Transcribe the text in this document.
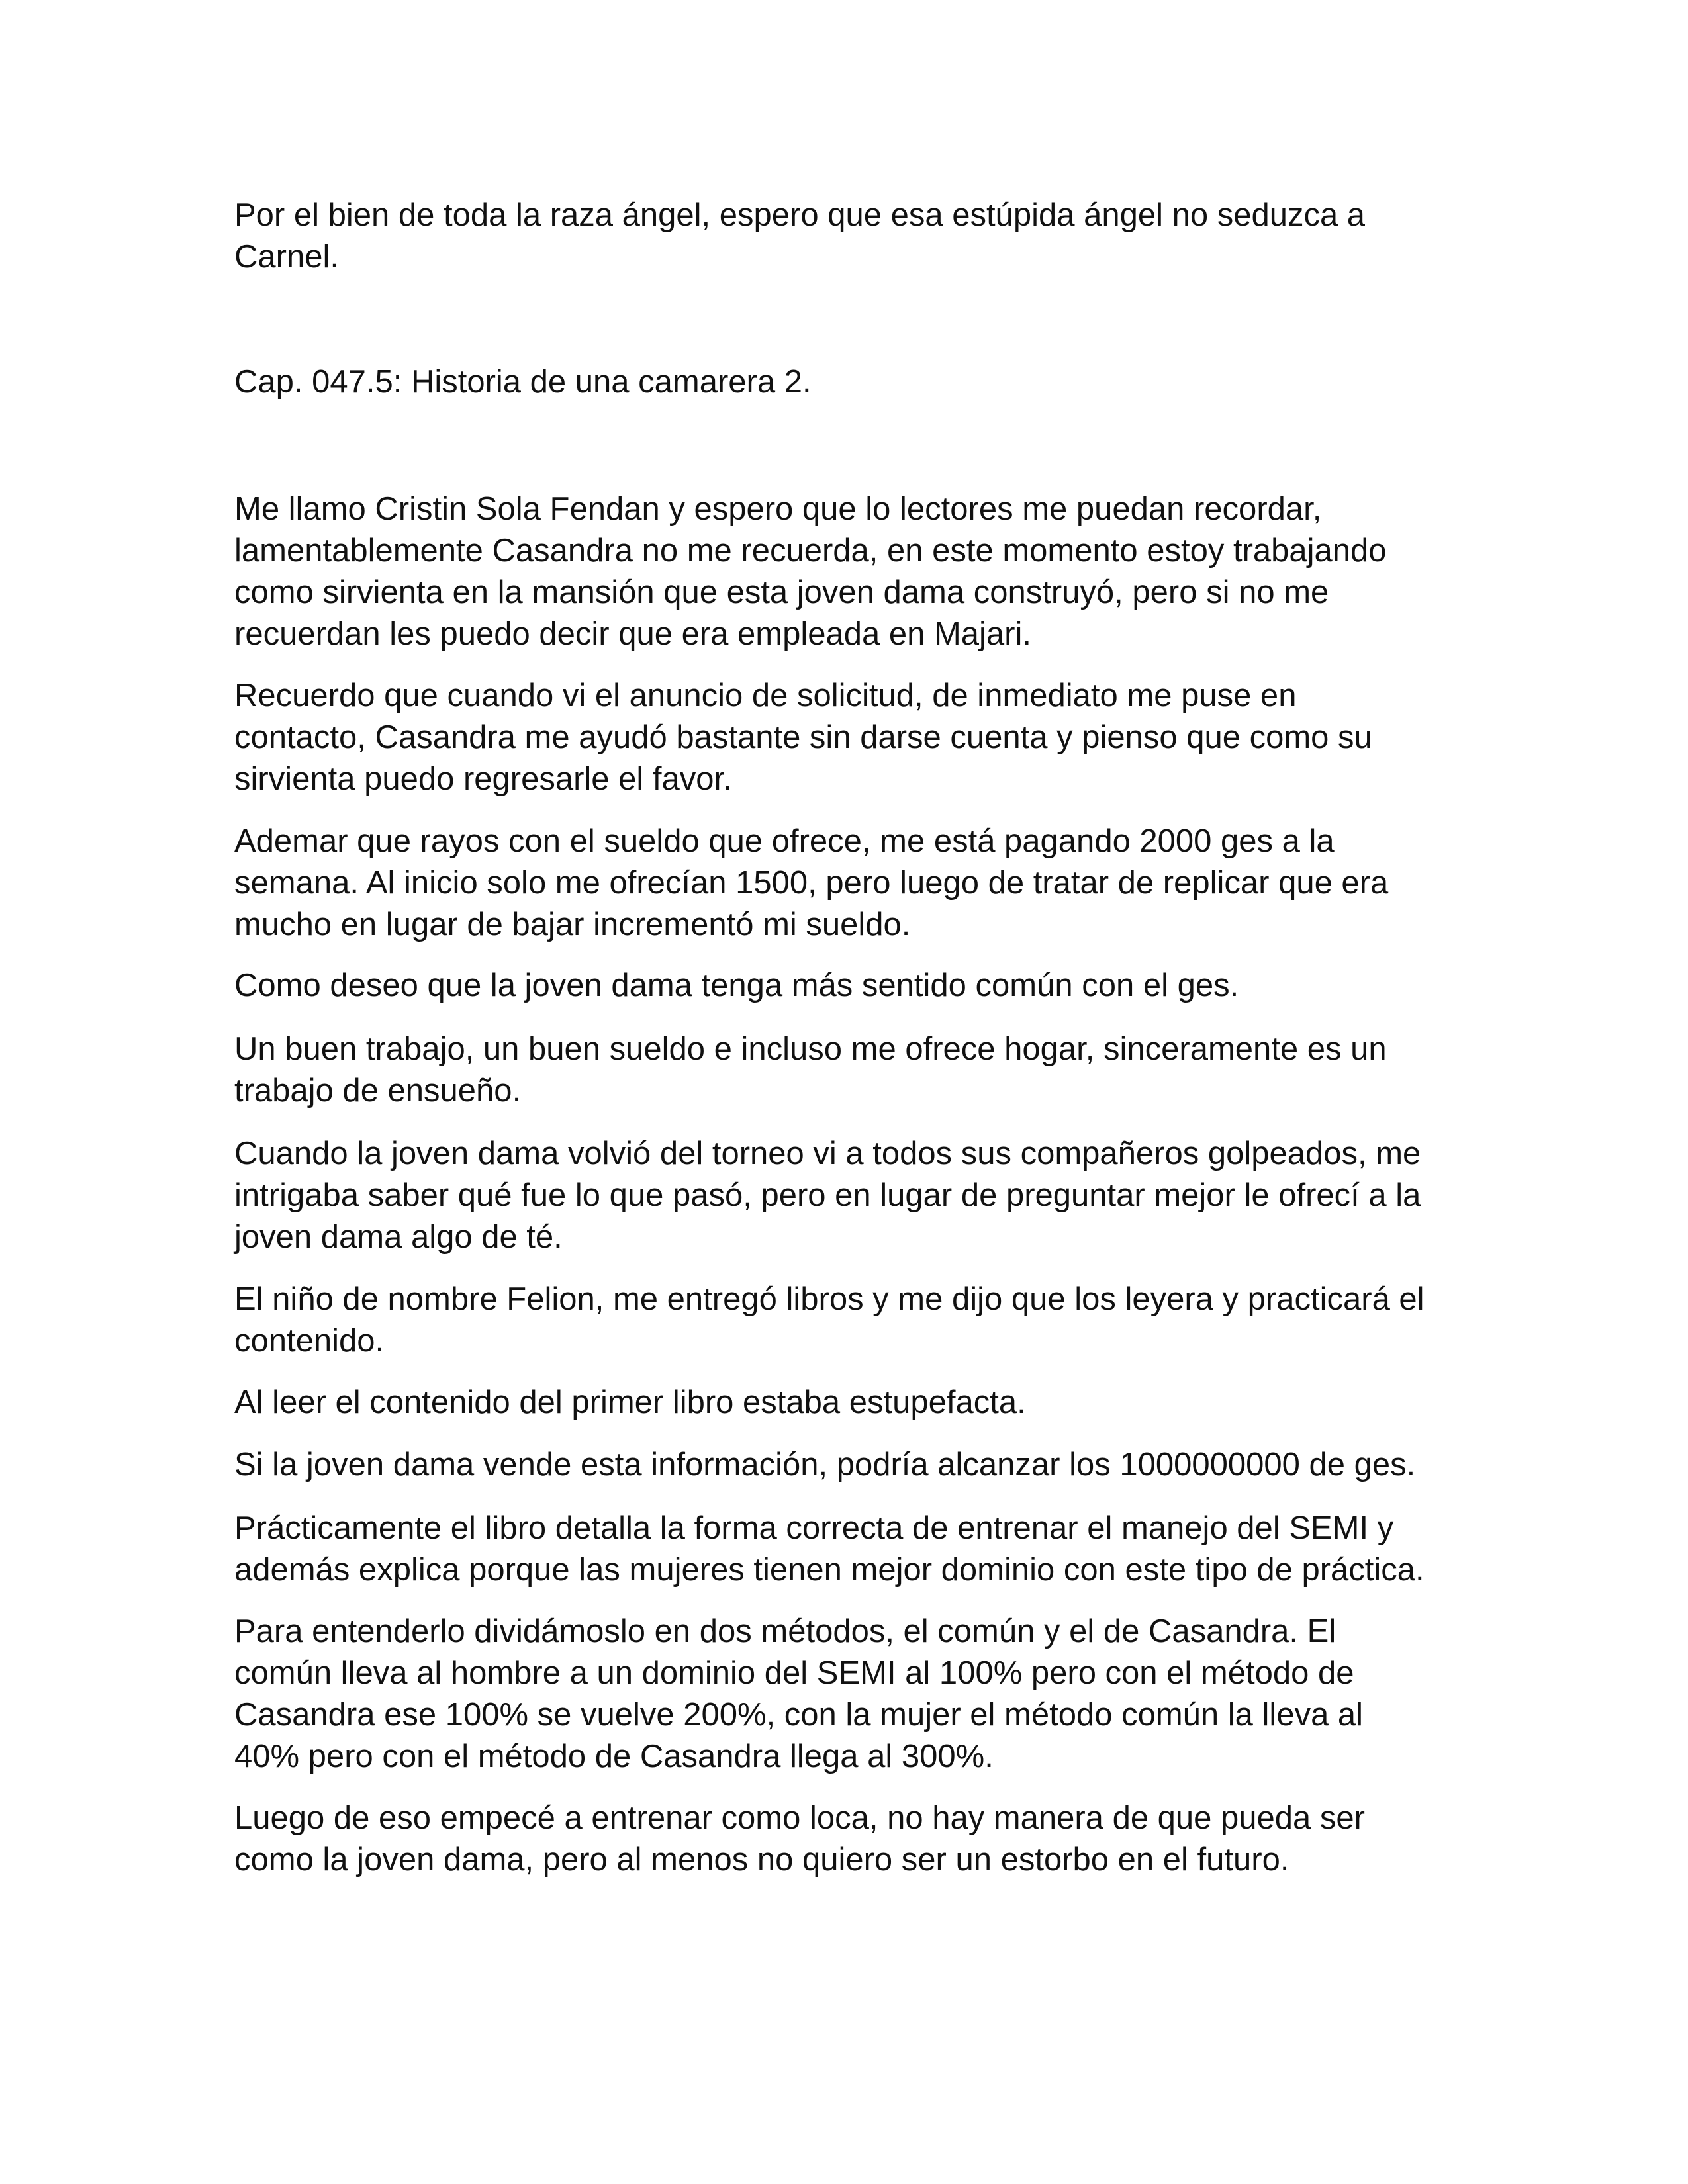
Por el bien de toda la raza ángel, espero que esa estúpida ángel no seduzca a
Carnel.

Cap. 047.5: Historia de una camarera 2.

Me llamo Cristin Sola Fendan y espero que lo lectores me puedan recordar,
lamentablemente Casandra no me recuerda, en este momento estoy trabajando
como sirvienta en la mansión que esta joven dama construyó, pero si no me
recuerdan les puedo decir que era empleada en Majari.

Recuerdo que cuando vi el anuncio de solicitud, de inmediato me puse en
contacto, Casandra me ayudó bastante sin darse cuenta y pienso que como su
sirvienta puedo regresarle el favor.

Ademar que rayos con el sueldo que ofrece, me está pagando 2000 ges a la
semana. Al inicio solo me ofrecían 1500, pero luego de tratar de replicar que era
mucho en lugar de bajar incrementó mi sueldo.

Como deseo que la joven dama tenga más sentido común con el ges.

Un buen trabajo, un buen sueldo e incluso me ofrece hogar, sinceramente es un
trabajo de ensueño.

Cuando la joven dama volvió del torneo vi a todos sus compañeros golpeados, me
intrigaba saber qué fue lo que pasó, pero en lugar de preguntar mejor le ofrecí a la
joven dama algo de té.

El niño de nombre Felion, me entregó libros y me dijo que los leyera y practicará el
contenido.

Al leer el contenido del primer libro estaba estupefacta.

Si la joven dama vende esta información, podría alcanzar los 1000000000 de ges.

Prácticamente el libro detalla la forma correcta de entrenar el manejo del SEMI y
además explica porque las mujeres tienen mejor dominio con este tipo de práctica.

Para entenderlo dividámoslo en dos métodos, el común y el de Casandra. El
común lleva al hombre a un dominio del SEMI al 100% pero con el método de
Casandra ese 100% se vuelve 200%, con la mujer el método común la lleva al
40% pero con el método de Casandra llega al 300%.

Luego de eso empecé a entrenar como loca, no hay manera de que pueda ser
como la joven dama, pero al menos no quiero ser un estorbo en el futuro.
